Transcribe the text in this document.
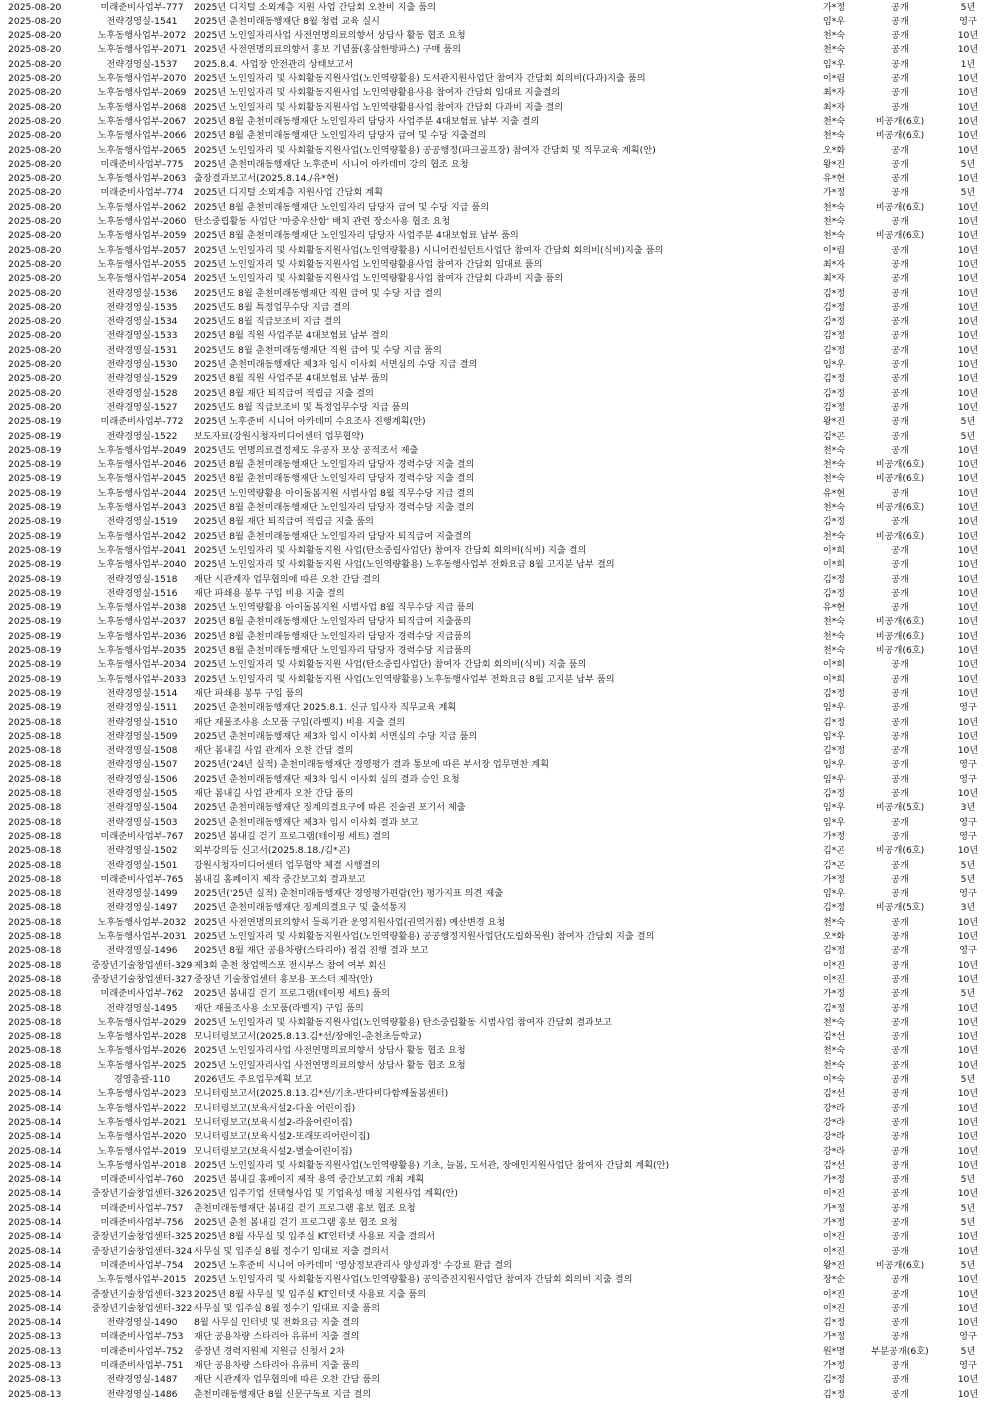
2025-08-20	미래준비사업부-777	2025년 디지털 소외계층 지원 사업 간담회 오찬비 지출 품의	가*정	공개	5년
2025-08-20	전략경영실-1541	2025년 춘천미래동행재단 8월 청렴 교육 실시	임*우	공개	영구
2025-08-20	노후동행사업부-2072 2025년 노인일자리사업 사전연명의료의향서 상담사 활동 협조 요청	천*숙	공개	10년
2025-08-20	노후동행사업부-2071 2025년 사전연명의료의향서 홍보 기념품(홍삼한방파스) 구매 품의	천*숙	공개	10년
2025-08-20	전략경영실-1537	2025.8.4. 사업장 안전관리 상태보고서	임*우	공개	1년
2025-08-20	노후동행사업부-2070 2025년 노인일자리 및 사회활동지원사업(노인역량활용) 도서관지원사업단 참여자 간담회 회의비(다과)지출 품의	이*림	공개	10년
2025-08-20	노후동행사업부-2069 2025년 노인일자리 및 사회활동지원사업 노인역량활용사용 참여자 간담회 임대료 지출결의	최*자	공개	10년
2025-08-20	노후동행사업부-2068 2025년 노인일자리 및 사회활동지원사업 노인역량활용사업 참여자 간담회 다과비 지출 결의	최*자	공개	10년
2025-08-20	노후동행사업부-2067 2025년 8월 춘천미래동행재단 노인일자리 담당자 사업주분 4대보험료 납부 지출 결의	천*숙	비공개(6호)	10년
2025-08-20	노후동행사업부-2066 2025년 8월 춘천미래동행재단 노인일자리 담당자 급여 및 수당 지출결의	천*숙	비공개(6호)	10년
2025-08-20	노후동행사업부-2065 2025년 노인일자리 및 사회활동지원사업(노인역량활용) 공공행정(파크골프장) 참여자 간담회 및 직무교육 계획(안)	오*화	공개	10년
2025-08-20	미래준비사업부-775	2025년 춘천미래동행재단 노후준비 시니어 아카데미 강의 협조 요청	왕*진	공개	5년
2025-08-20	노후동행사업부-2063 출장결과보고서(2025.8.14./유*현)	유*현	공개	10년
2025-08-20	미래준비사업부-774	2025년 디지털 소외계층 지원사업 간담회 계획	가*정	공개	5년
2025-08-20	노후동행사업부-2062 2025년 8월 춘천미래동행재단 노인일자리 담당자 급여 및 수당 지급 품의	천*숙	비공개(6호)	10년
2025-08-20	노후동행사업부-2060 탄소중립활동 사업단 '마중우산함' 배치 관련 장소사용 협조 요청	천*숙	공개	10년
2025-08-20	노후동행사업부-2059 2025년 8월 춘천미래동행재단 노인일자리 담당자 사업주분 4대보험료 납부 품의	천*숙	비공개(6호)	10년
2025-08-20	노후동행사업부-2057 2025년 노인일자리 및 사회활동지원사업(노인역량활용) 시니어컨설턴트사업단 참여자 간담회 회의비(식비)지출 품의	이*림	공개	10년
2025-08-20	노후동행사업부-2055 2025년 노인일자리 및 사회활동지원사업 노인역량활용사업 참여자 간담회 임대료 품의	최*자	공개	10년
2025-08-20	노후동행사업부-2054 2025년 노인일자리 및 사회활동지원사업 노인역량활용사업 참여자 간담회 다과비 지출 품의	최*자	공개	10년
2025-08-20	전략경영실-1536	2025년도 8월 춘천미래동행재단 직원 급여 및 수당 지급 결의	김*정	공개	10년
2025-08-20	전략경영실-1535	2025년도 8월 특정업무수당 지급 결의	김*정	공개	10년
2025-08-20	전략경영실-1534	2025년도 8월 직급보조비 지급 결의	김*정	공개	10년
2025-08-20	전략경영실-1533	2025년 8월 직원 사업주분 4대보험료 납부 결의	김*정	공개	10년
2025-08-20	전략경영실-1531	2025년도 8월 춘천미래동행재단 직원 급여 및 수당 지급 품의	김*정	공개	10년
2025-08-20	전략경영실-1530	2025년 춘천미래동행재단 제3차 임시 이사회 서면심의 수당 지급 결의	임*우	공개	10년
2025-08-20	전략경영실-1529	2025년 8월 직원 사업주분 4대보험료 납부 품의	김*정	공개	10년
2025-08-20	전략경영실-1528	2025년 8월 재단 퇴직급여 적립금 지출 결의	김*정	공개	10년
2025-08-20	전략경영실-1527	2025년도 8월 직급보조비 및 특정업무수당 지급 품의	김*정	공개	10년
2025-08-19	미래준비사업부-772	2025년 노후준비 시니어 아카데미 수요조사 진행계획(안)	왕*진	공개	5년
2025-08-19	전략경영실-1522	보도자료(강원시청자미디어센터 업무협약)	김*곤	공개	5년
2025-08-19	노후동행사업부-2049 2025년도 연명의료결정제도 유공자 포상 공적조서 제출	천*숙	공개	10년
2025-08-19	노후동행사업부-2046 2025년 8월 춘천미래동행재단 노인일자리 담당자 경력수당 지출 결의	천*숙	비공개(6호)	10년
2025-08-19	노후동행사업부-2045 2025년 8월 춘천미래동행재단 노인일자리 담당자 경력수당 지출 결의	천*숙	비공개(6호)	10년
2025-08-19	노후동행사업부-2044 2025년 노인역량활용 아이돌봄지원 시범사업 8월 직무수당 지급 결의	유*현	공개	10년
2025-08-19	노후동행사업부-2043 2025년 8월 춘천미래동행재단 노인일자리 담당자 경력수당 지출 결의	천*숙	비공개(6호)	10년
2025-08-19	전략경영실-1519	2025년 8월 재단 퇴직급여 적립금 지출 품의	김*정	공개	10년
2025-08-19	노후동행사업부-2042 2025년 8월 춘천미래동행재단 노인일자리 담당자 퇴직급여 지출결의	천*숙	비공개(6호)	10년
2025-08-19	노후동행사업부-2041 2025년 노인일자리 및 사회활동지원 사업(탄소중립사업단) 참여자 간담회 회의비(식비) 지출 결의	이*희	공개	10년
2025-08-19	노후동행사업부-2040 2025년 노인일자리 및 사회활동지원 사업(노인역량활용) 노후동행사업부 전화요금 8월 고지분 납부 결의	이*희	공개	10년
2025-08-19	전략경영실-1518	재단 시관계자 업무협의에 따른 오찬 간담 결의	김*정	공개	10년
2025-08-19	전략경영실-1516	재단 파쇄용 봉투 구입 비용 지출 결의	김*정	공개	10년
2025-08-19	노후동행사업부-2038 2025년 노인역량활용 아이돌봄지원 시범사업 8월 직무수당 지급 품의	유*현	공개	10년
2025-08-19	노후동행사업부-2037 2025년 8월 춘천미래동행재단 노인일자리 담당자 퇴직급여 지출품의	천*숙	비공개(6호)	10년
2025-08-19	노후동행사업부-2036 2025년 8월 춘천미래동행재단 노인일자리 담당자 경력수당 지급품의	천*숙	비공개(6호)	10년
2025-08-19	노후동행사업부-2035 2025년 8월 춘천미래동행재단 노인일자리 담당자 경력수당 지급품의	천*숙	비공개(6호)	10년
2025-08-19	노후동행사업부-2034 2025년 노인일자리 및 사회활동지원 사업(탄소중립사업단) 참여자 간담회 회의비(식비) 지출 품의	이*희	공개	10년
2025-08-19	노후동행사업부-2033 2025년 노인일자리 및 사회활동지원 사업(노인역량활용) 노후동행사업부 전화요금 8월 고지분 납부 품의	이*희	공개	10년
2025-08-19	전략경영실-1514	재단 파쇄용 봉투 구입 품의	김*정	공개	10년
2025-08-19	전략경영실-1511	2025년 춘천미래동행재단 2025.8.1. 신규 입사자 직무교육 계획	임*우	공개	영구
2025-08-18	전략경영실-1510	재단 재물조사용 소모품 구입(라벨지) 비용 지출 결의	김*정	공개	10년
2025-08-18	전략경영실-1509	2025년 춘천미래동행재단 제3차 임시 이사회 서면심의 수당 지급 품의	임*우	공개	10년
2025-08-18	전략경영실-1508	재단 봄내길 사업 관계자 오찬 간담 결의	김*정	공개	10년
2025-08-18	전략경영실-1507	2025년('24년 실적) 춘천미래동행재단 경영평가 결과 통보에 따른 부서장 업무면찬 계획	임*우	공개	영구
2025-08-18	전략경영실-1506	2025년 춘천미래동행재단 제3차 임시 이사회 심의 결과 승인 요청	임*우	공개	영구
2025-08-18	전략경영실-1505	재단 봄내길 사업 관계자 오찬 간담 품의	김*정	공개	10년
2025-08-18	전략경영실-1504	2025년 춘천미래동행재단 징계의결요구에 따른 진술권 포기서 제출	임*우	비공개(5호)	3년
2025-08-18	전략경영실-1503	2025년 춘천미래동행재단 제3차 임시 이사회 결과 보고	임*우	공개	영구
2025-08-18	미래준비사업부-767	2025년 봄내길 걷기 프로그램(테이핑 세트) 결의	가*정	공개	영구
2025-08-18	전략경영실-1502	외부강의등 신고서(2025.8.18./김*곤)	김*곤	비공개(6호)	10년
2025-08-18	전략경영실-1501	강원시청자미디어센터 업무협약 체결 시행결의	김*곤	공개	5년
2025-08-18	미래준비사업부-765	봄내길 홈페이지 제작 중간보고회 결과보고	가*정	공개	5년
2025-08-18	전략경영실-1499	2025년('25년 실적) 춘천미래동행재단 경영평가편람(안) 평가지표 의견 제출	임*우	공개	영구
2025-08-18	전략경영실-1497	2025년 춘천미래동행재단 징계의결요구 및 출석통지	김*정	비공개(5호)	3년
2025-08-18	노후동행사업부-2032 2025년 사전연명의료의향서 등록기관 운영지원사업(권역거점) 예산변경 요청	천*숙	공개	10년
2025-08-18	노후동행사업부-2031 2025년 노인일자리 및 사회활동지원사업(노인역량활용) 공공행정지원사업단(도립화목원) 참여자 간담회 지출 결의	오*화	공개	10년
2025-08-18	전략경영실-1496	2025년 8월 재단 공용차량(스타리아) 점검 진행 결과 보고	김*정	공개	영구
2025-08-18	중장년기술창업센터-329 제3회 춘천 창업엑스포 전시부스 참여 여부 회신	이*진	공개	10년
2025-08-18	중장년기술창업센터-327 중장년 기술창업센터 홍보용 포스터 제작(안)	이*진	공개	10년
2025-08-18	미래준비사업부-762	2025년 봄내길 걷기 프로그램(테이핑 세트) 품의	가*정	공개	5년
2025-08-18	전략경영실-1495	재단 재물조사용 소모품(라벨지) 구입 품의	김*정	공개	10년
2025-08-18	노후동행사업부-2029 2025년 노인일자리 및 사회활동지원사업(노인역량활용) 탄소중립활동 시범사업 참여자 간담회 결과보고	천*숙	공개	10년
2025-08-18	노후동행사업부-2028 모니터링보고서(2025.8.13.김*선/장애인-춘천초등학교)	김*선	공개	10년
2025-08-18	노후동행사업부-2026 2025년 노인일자리사업 사전연명의료의향서 상담사 활동 협조 요청	천*숙	공개	10년
2025-08-18	노후동행사업부-2025 2025년 노인일자리사업 사전연명의료의향서 상담사 활동 협조 요청	천*숙	공개	10년
2025-08-14	경영총괄-110	2026년도 주요업무계획 보고	이*숙	공개	5년
2025-08-14	노후동행사업부-2023 모니터링보고서(2025.8.13.김*선/기초-반다비다함께돌봄센터)	김*선	공개	10년
2025-08-14	노후동행사업부-2022 모니터링보고(보육시설2-다올 어린이집)	강*라	공개	10년
2025-08-14	노후동행사업부-2021 모니터링보고(보육시설2-라움어린이집)	강*라	공개	10년
2025-08-14	노후동행사업부-2020 모니터링보고(보육시설2-또래또리어린이집)	강*라	공개	10년
2025-08-14	노후동행사업부-2019 모니터링보고(보육시설2-별숲어린이집)	강*라	공개	10년
2025-08-14	노후동행사업부-2018 2025년 노인일자리 및 사회활동지원사업(노인역량활용) 기초, 늘봄, 도서관, 장애인지원사업단 참여자 간담회 계획(안)	김*선	공개	10년
2025-08-14	미래준비사업부-760	2025년 봄내길 홈페이지 제작 용역 중간보고회 개최 계획	가*정	공개	5년
2025-08-14	중장년기술창업센터-326 2025년 입주기업 선택형사업 및 기업육성 매칭 지원사업 계획(안)	이*진	공개	10년
2025-08-14	미래준비사업부-757	춘천미래동행재단 봄내길 걷기 프로그램 홍보 협조 요청	가*정	공개	5년
2025-08-14	미래준비사업부-756	2025년 춘천 봄내길 걷기 프로그램 홍보 협조 요청	가*정	공개	5년
2025-08-14	중장년기술창업센터-325 2025년 8월 사무실 및 입주실 KT인터넷 사용료 지출 결의서	이*진	공개	10년
2025-08-14	중장년기술창업센터-324 사무실 및 입주실 8월 정수기 임대료 지출 결의서	이*진	공개	10년
2025-08-14	미래준비사업부-754	2025년 노후준비 시니어 아카데미 '영상정보관리사 양성과정' 수강료 환급 결의	왕*진	비공개(6호)	5년
2025-08-14	노후동행사업부-2015 2025년 노인일자리 및 사회활동지원사업(노인역량활용) 공익증진지원사업단 참여자 간담회 회의비 지출 결의	장*순	공개	10년
2025-08-14	중장년기술창업센터-323 2025년 8월 사무실 및 입주실 KT인터넷 사용료 지출 품의	이*진	공개	10년
2025-08-14	중장년기술창업센터-322 사무실 및 입주실 8월 정수기 임대료 지출 품의	이*진	공개	10년
2025-08-14	전략경영실-1490	8월 사무실 인터넷 및 전화요금 지출 결의	김*정	공개	10년
2025-08-13	미래준비사업부-753	재단 공용차량 스타리아 유류비 지출 결의	가*정	공개	영구
2025-08-13	미래준비사업부-752	중장년 경력지원제 지원금 신청서 2차	원*명	부분공개(6호)	5년
2025-08-13	미래준비사업부-751	재단 공용차량 스타리아 유류비 지출 품의	가*정	공개	영구
2025-08-13	전략경영실-1487	재단 시관계자 업무협의에 따른 오찬 간담 품의	김*정	공개	10년
2025-08-13	전략경영실-1486	춘천미래동행재단 8월 신문구독료 지급 결의	김*정	공개	10년
